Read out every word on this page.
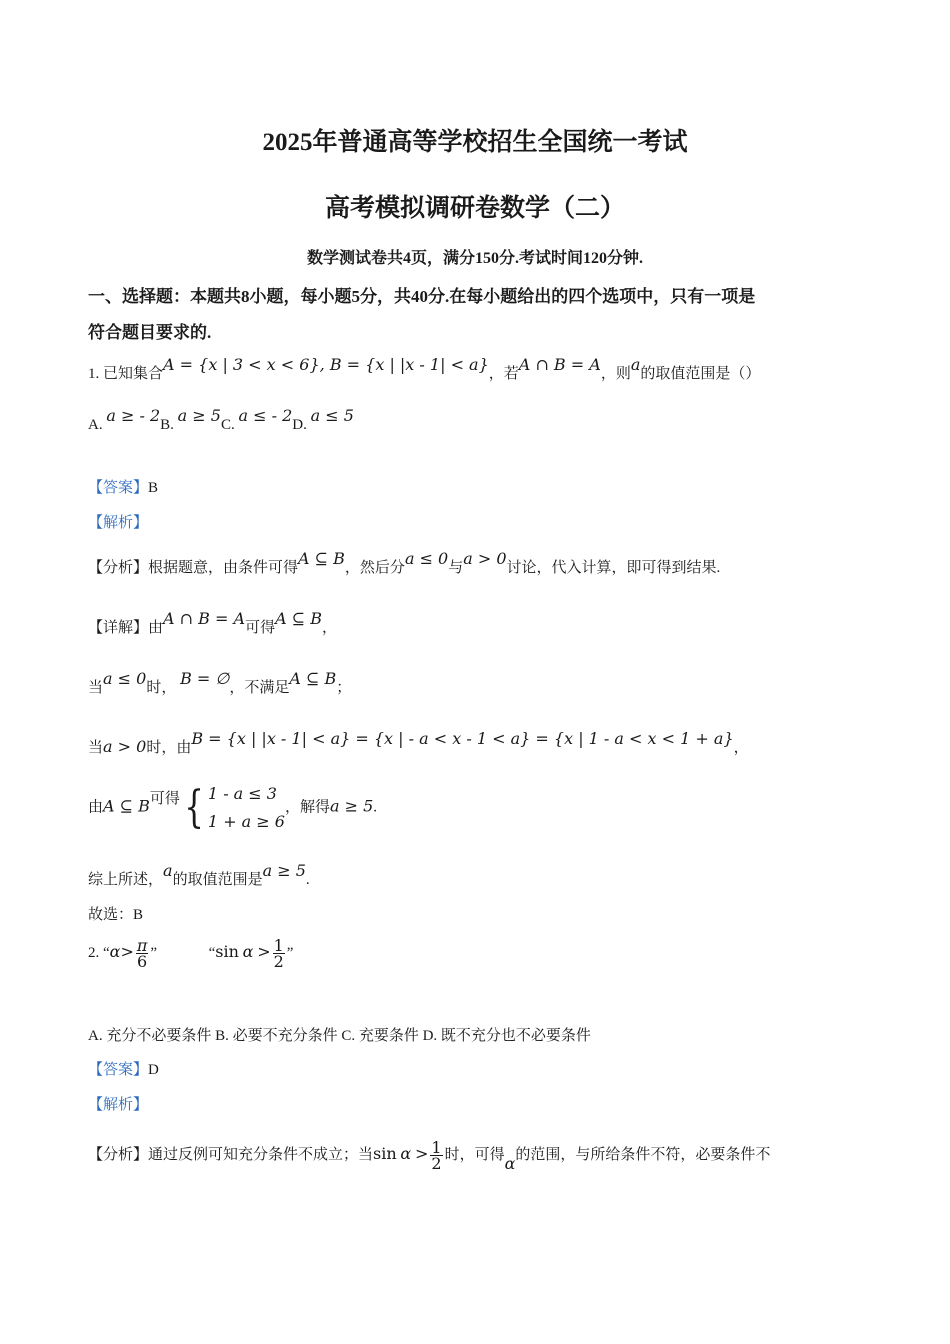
2025年普通高等学校招生全国统一考试
高考模拟调研卷数学（二）
数学测试卷共4页，满分150分.考试时间120分钟.
一、选择题：本题共8小题，每小题5分，共40分.在每小题给出的四个选项中，只有一项是
符合题目要求的.
1. 已知集合A = {x | 3 < x < 6}, B = {x | |x - 1| < a}，若A ∩ B = A，则a的取值范围是（）
A. a ≥ - 2B. a ≥ 5C. a ≤ - 2D. a ≤ 5
【答案】B
【解析】
【分析】根据题意，由条件可得A ⊆ B，然后分a ≤ 0与a > 0讨论，代入计算，即可得到结果.
【详解】由A ∩ B = A可得A ⊆ B，
当a ≤ 0时， B = ∅，不满足A ⊆ B；
当a > 0时，由B = {x | |x - 1| < a} = {x | - a < x - 1 < a} = {x | 1 - a < x < 1 + a}，
由A ⊆ B可得{ 1 - a ≤ 3
1 + a ≥ 6
，解得a ≥ 5.
综上所述，a的取值范围是a ≥ 5.
故选：B
2. “$\alpha> \frac{\pi}{6}$ ”	“sin $\alpha > \frac{1}{2}$ ”
A. 充分不必要条件 B. 必要不充分条件 C. 充要条件 D. 既不充分也不必要条件
【答案】D
【解析】
【分析】通过反例可知充分条件不成立；当$\sin \alpha > \frac{1}{2}$ 时，可得α的范围，与所给条件不符，必要条件不
